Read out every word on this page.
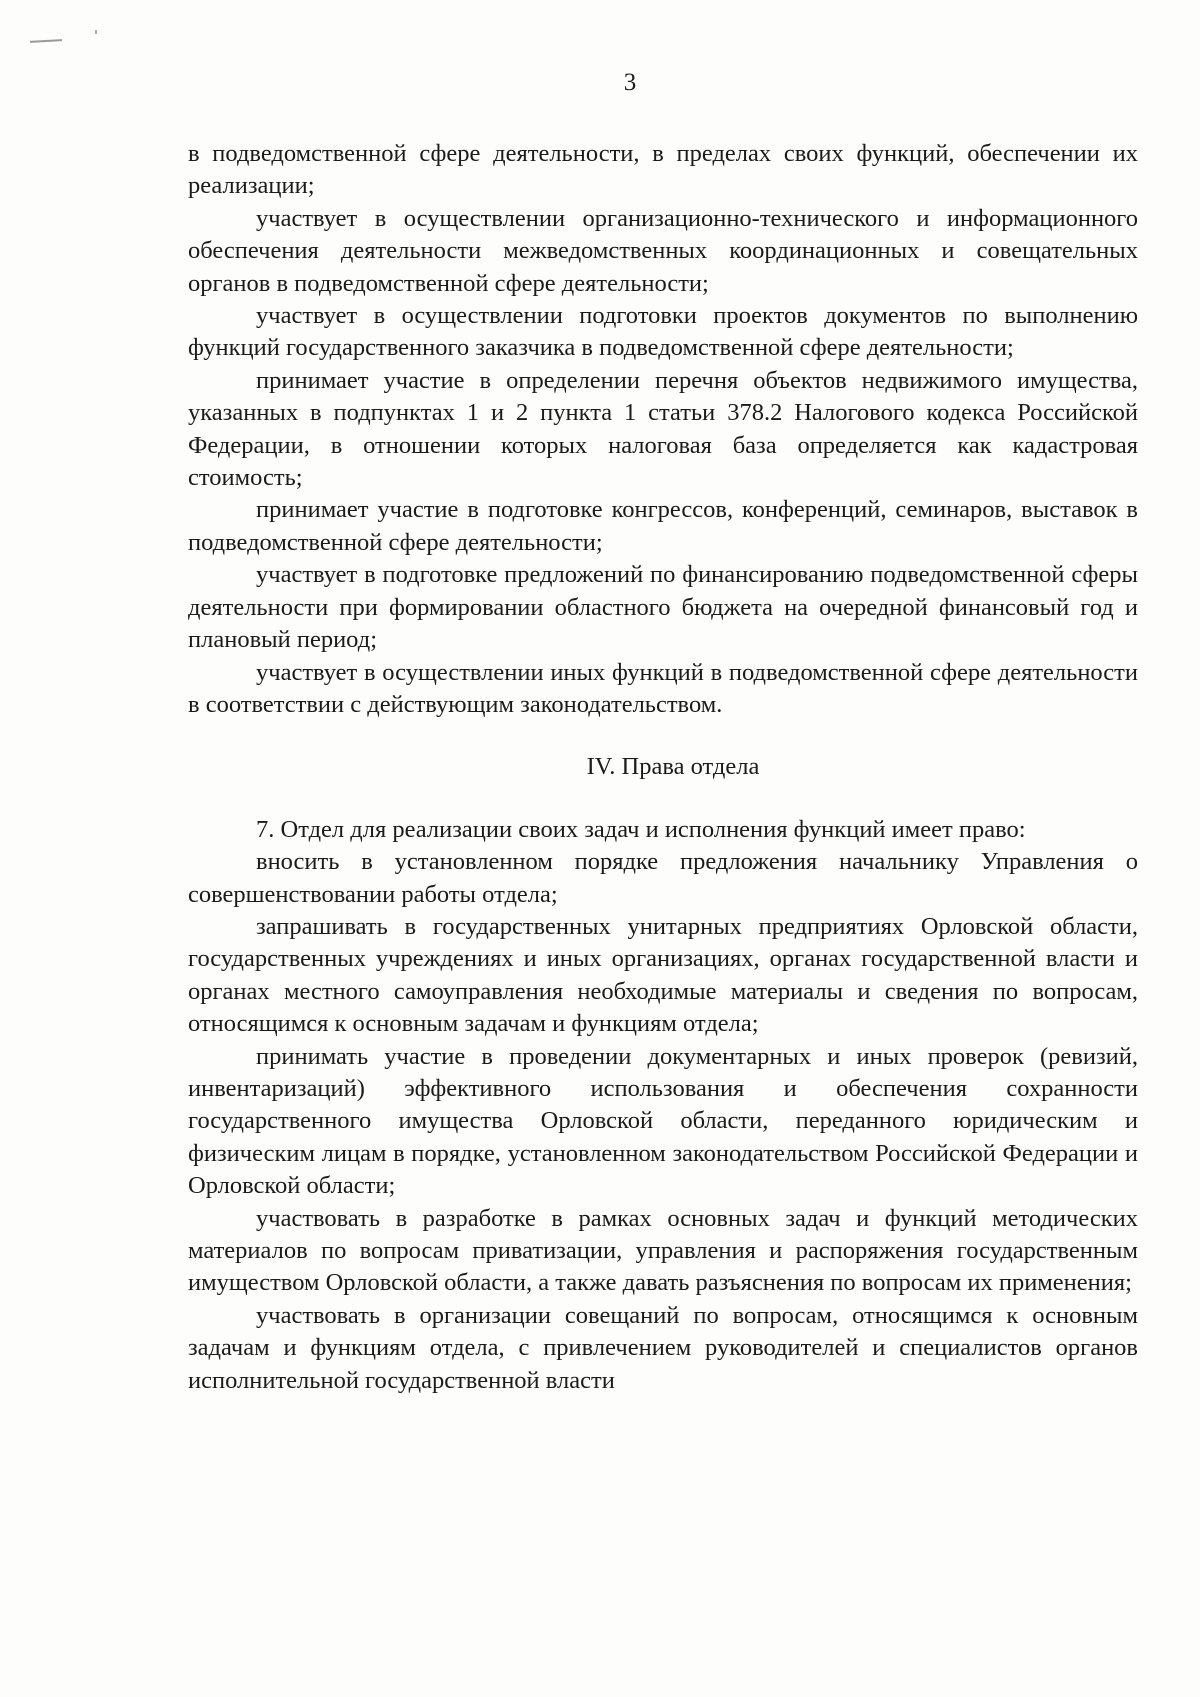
3

в подведомственной сфере деятельности, в пределах своих функций, обеспечении их реализации;

участвует в осуществлении организационно-технического и информационного обеспечения деятельности межведомственных координационных и совещательных органов в подведомственной сфере деятельности;

участвует в осуществлении подготовки проектов документов по выполнению функций государственного заказчика в подведомственной сфере деятельности;

принимает участие в определении перечня объектов недвижимого имущества, указанных в подпунктах 1 и 2 пункта 1 статьи 378.2 Налогового кодекса Российской Федерации, в отношении которых налоговая база определяется как кадастровая стоимость;

принимает участие в подготовке конгрессов, конференций, семинаров, выставок в подведомственной сфере деятельности;

участвует в подготовке предложений по финансированию подведомственной сферы деятельности при формировании областного бюджета на очередной финансовый год и плановый период;

участвует в осуществлении иных функций в подведомственной сфере деятельности в соответствии с действующим законодательством.

IV. Права отдела

7. Отдел для реализации своих задач и исполнения функций имеет право:

вносить в установленном порядке предложения начальнику Управления о совершенствовании работы отдела;

запрашивать в государственных унитарных предприятиях Орловской области, государственных учреждениях и иных организациях, органах государственной власти и органах местного самоуправления необходимые материалы и сведения по вопросам, относящимся к основным задачам и функциям отдела;

принимать участие в проведении документарных и иных проверок (ревизий, инвентаризаций) эффективного использования и обеспечения сохранности государственного имущества Орловской области, переданного юридическим и физическим лицам в порядке, установленном законодательством Российской Федерации и Орловской области;

участвовать в разработке в рамках основных задач и функций методических материалов по вопросам приватизации, управления и распоряжения государственным имуществом Орловской области, а также давать разъяснения по вопросам их применения;

участвовать в организации совещаний по вопросам, относящимся к основным задачам и функциям отдела, с привлечением руководителей и специалистов органов исполнительной государственной власти
